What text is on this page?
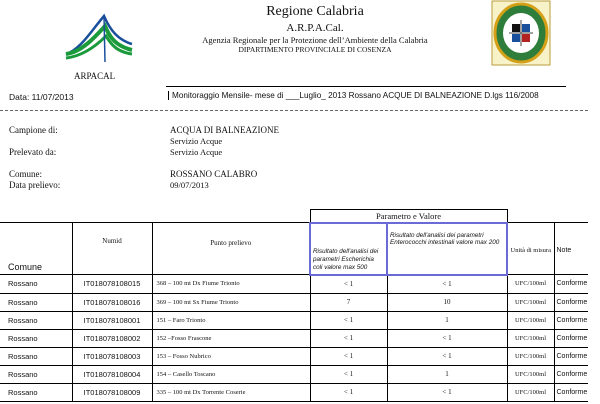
ARPACAL
Regione Calabria
A.R.P.A.Cal.
Agenzia Regionale per la Protezione dell’Ambiente della Calabria
DIPARTIMENTO PROVINCIALE DI COSENZA
Data: 11/07/2013	Monitoraggio Mensile- mese di ___Luglio_ 2013 Rossano ACQUE DI BALNEAZIONE D.lgs 116/2008
Campione di:	ACQUA DI BALNEAZIONE
Servizio Acque
Prelevato da:	Servizio Acque
Comune:	ROSSANO CALABRO
Data prelievo:	09/07/2013
			Parametro e Valore			
Comune	Numid	Punto prelievo	Risultato dell'analisi dei parametri Escherichia coli valore max 500	Risultato dell'analisi dei parametri Enterococchi intestinali valore max 200	Unità di misura	Note
Rossano	IT018078108015	368 – 100 mt Dx Fiume Trionto	< 1	< 1	UFC/100ml	Conforme
Rossano	IT018078108016	369 – 100 mt Sx Fiume Trionto	7	10	UFC/100ml	Conforme
Rossano	IT018078108001	151 – Faro Trionto	< 1	1	UFC/100ml	Conforme
Rossano	IT018078108002	152 –Fosso Frascone	< 1	< 1	UFC/100ml	Conforme
Rossano	IT018078108003	153 – Fosso Nubrico	< 1	< 1	UFC/100ml	Conforme
Rossano	IT018078108004	154 – Casello Toscano	< 1	1	UFC/100ml	Conforme
Rossano	IT018078108009	335 – 100 mt Dx Torrente Coserie	< 1	< 1	UFC/100ml	Conforme
